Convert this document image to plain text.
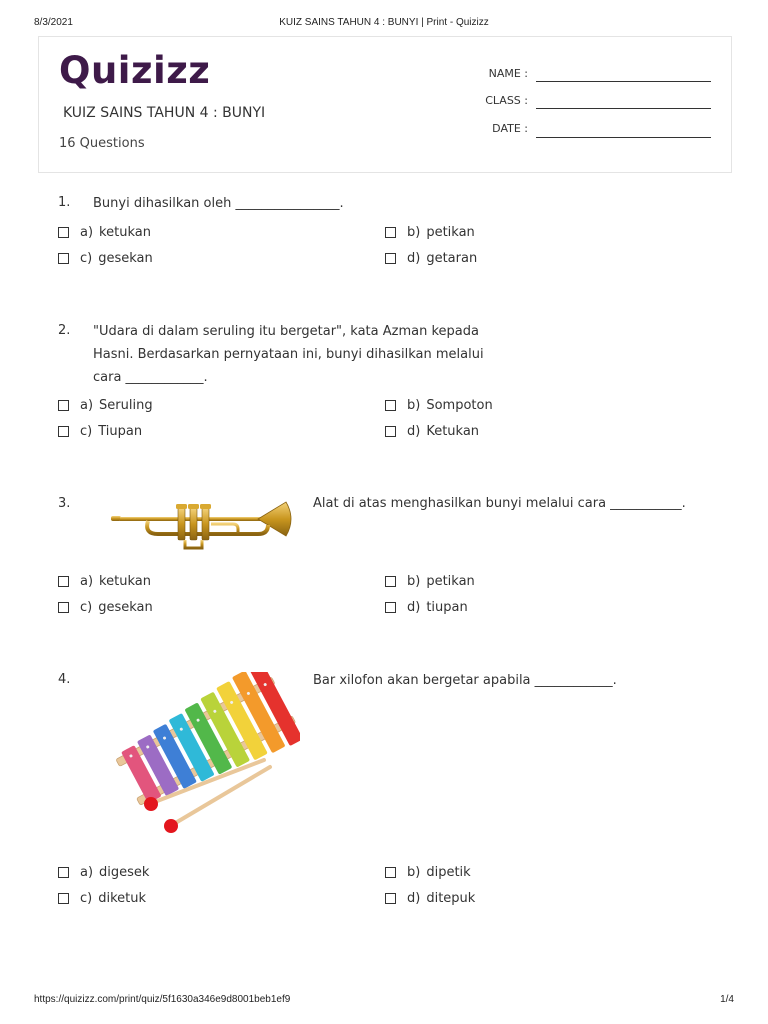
8/3/2021	KUIZ SAINS TAHUN 4 : BUNYI | Print - Quizizz
https://quizizz.com/print/quiz/5f1630a346e9d8001beb1ef9	1/4
Quizizz
KUIZ SAINS TAHUN 4 : BUNYI
16 Questions
NAME :
CLASS :
DATE :
1. Bunyi dihasilkan oleh ________________.
a) ketukan	b) petikan
c) gesekan	d) getaran
2. "Udara di dalam seruling itu bergetar", kata Azman kepada
Hasni. Berdasarkan pernyataan ini, bunyi dihasilkan melalui
cara ____________.
a) Seruling	b) Sompoton
c) Tiupan	d) Ketukan
3.	Alat di atas menghasilkan bunyi melalui cara ___________.
a) ketukan	b) petikan
c) gesekan	d) tiupan
4.	Bar xilofon akan bergetar apabila ____________.
a) digesek	b) dipetik
c) diketuk	d) ditepuk
